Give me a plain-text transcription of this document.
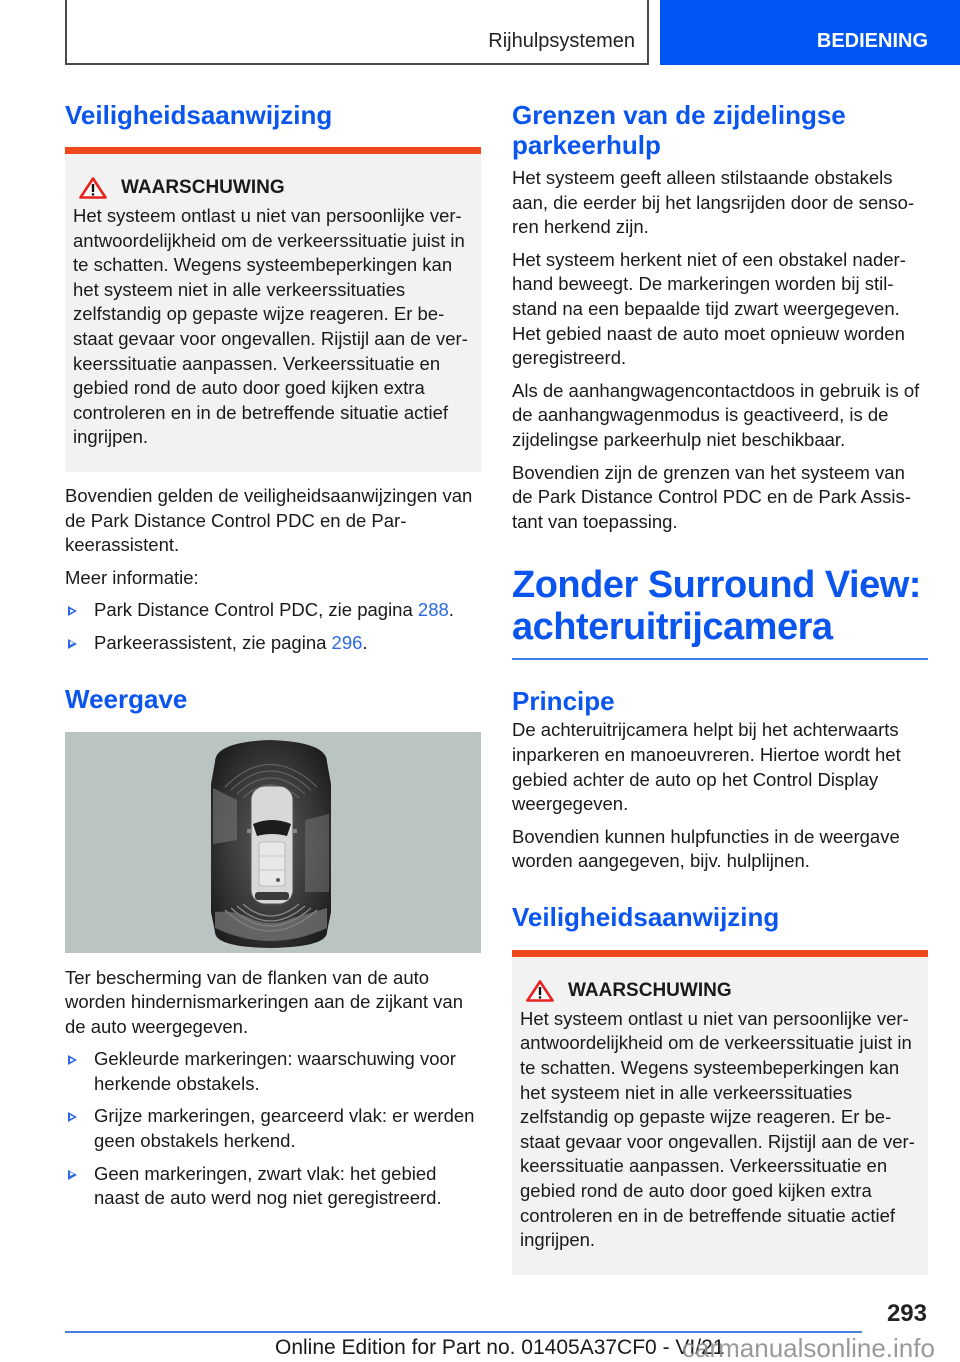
Rijhulpsystemen	BEDIENING
Veiligheidsaanwijzing
WAARSCHUWING

Het systeem ontlast u niet van persoonlijke verantwoordelijkheid om de verkeerssituatie juist in te schatten. Wegens systeembeperkingen kan het systeem niet in alle verkeerssituaties zelfstandig op gepaste wijze reageren. Er bestaat gevaar voor ongevallen. Rijstijl aan de verkeerssituatie aanpassen. Verkeerssituatie en gebied rond de auto door goed kijken extra controleren en in de betreffende situatie actief ingrijpen.

Bovendien gelden de veiligheidsaanwijzingen van de Park Distance Control PDC en de Parkeerassistent.

Meer informatie:

Park Distance Control PDC, zie pagina 288.
Parkeerassistent, zie pagina 296.
Weergave

Ter bescherming van de flanken van de auto worden hindernismarkeringen aan de zijkant van de auto weergegeven.

Gekleurde markeringen: waarschuwing voor herkende obstakels.
Grijze markeringen, gearceerd vlak: er werden geen obstakels herkend.
Geen markeringen, zwart vlak: het gebied naast de auto werd nog niet geregistreerd.
Grenzen van de zijdelingse parkeerhulp

Het systeem geeft alleen stilstaande obstakels aan, die eerder bij het langsrijden door de sensoren herkend zijn.

Het systeem herkent niet of een obstakel naderhand beweegt. De markeringen worden bij stilstand na een bepaalde tijd zwart weergegeven. Het gebied naast de auto moet opnieuw worden geregistreerd.

Als de aanhangwagencontactdoos in gebruik is of de aanhangwagenmodus is geactiveerd, is de zijdelingse parkeerhulp niet beschikbaar.

Bovendien zijn de grenzen van het systeem van de Park Distance Control PDC en de Park Assistant van toepassing.

Zonder Surround View: achteruitrijcamera
Principe

De achteruitrijcamera helpt bij het achterwaarts inparkeren en manoeuvreren. Hiertoe wordt het gebied achter de auto op het Control Display weergegeven.

Bovendien kunnen hulpfuncties in de weergave worden aangegeven, bijv. hulplijnen.

Veiligheidsaanwijzing
WAARSCHUWING

Het systeem ontlast u niet van persoonlijke verantwoordelijkheid om de verkeerssituatie juist in te schatten. Wegens systeembeperkingen kan het systeem niet in alle verkeerssituaties zelfstandig op gepaste wijze reageren. Er bestaat gevaar voor ongevallen. Rijstijl aan de verkeerssituatie aanpassen. Verkeerssituatie en gebied rond de auto door goed kijken extra controleren en in de betreffende situatie actief ingrijpen.

293
Online Edition for Part no. 01405A37CF0 - VI/21
carmanualsonline.info
